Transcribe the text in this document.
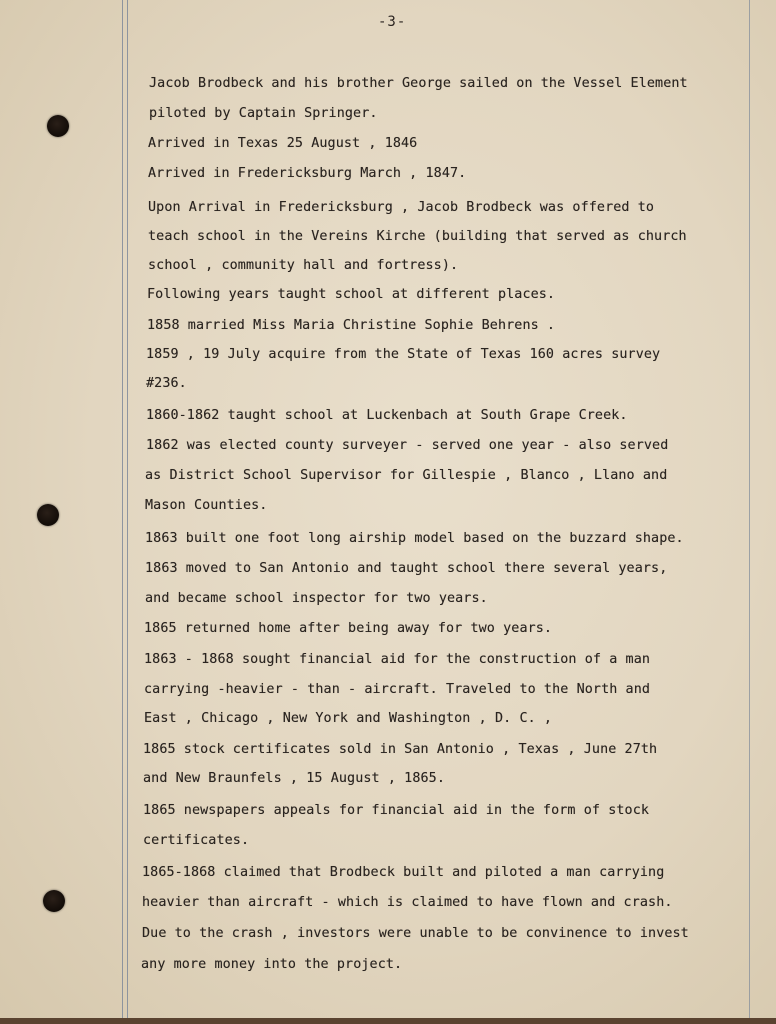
-3-
Jacob Brodbeck and his brother George sailed on the Vessel Element
piloted by Captain Springer.
Arrived in Texas 25 August , 1846
Arrived in Fredericksburg March , 1847.
Upon Arrival in Fredericksburg , Jacob Brodbeck was offered to
teach school in the Vereins Kirche (building that served as church
school , community hall and fortress).
Following years taught school at different places.
1858 married Miss Maria Christine Sophie Behrens .
1859 , 19 July acquire from the State of Texas 160 acres survey
#236.
1860-1862 taught school at Luckenbach at South Grape Creek.
1862 was elected county surveyer - served one year - also served
as District School Supervisor for Gillespie , Blanco , Llano and
Mason Counties.
1863 built one foot long airship model based on the buzzard shape.
1863 moved to San Antonio and taught school there several years,
and became school inspector for two years.
1865 returned home after being away for two years.
1863 - 1868 sought financial aid for the construction of a man
carrying -heavier - than - aircraft. Traveled to the North and
East , Chicago , New York and Washington , D. C. ,
1865 stock certificates sold in San Antonio , Texas , June 27th
and New Braunfels , 15 August , 1865.
1865 newspapers appeals for financial aid in the form of stock
certificates.
1865-1868 claimed that Brodbeck built and piloted a man carrying
heavier than aircraft - which is claimed to have flown and crash.
Due to the crash , investors were unable to be convinence to invest
any more money into the project.
